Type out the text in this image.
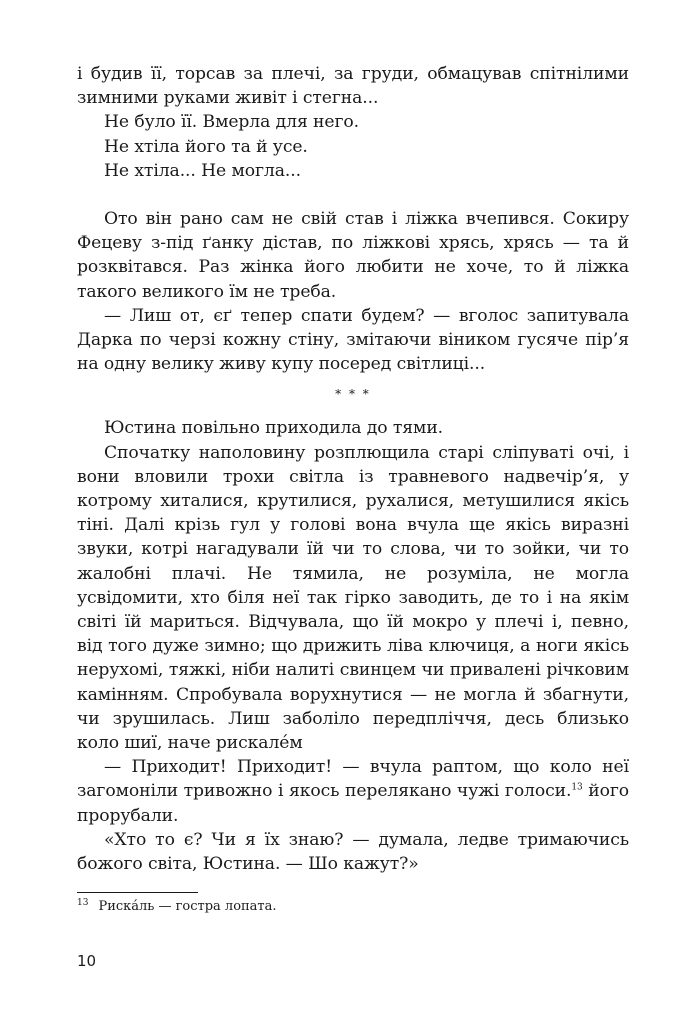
і будив її, торсав за плечі, за груди, обмацував спітнілими зимними руками живіт і стегна...

Не було її. Вмерла для него.

Не хтіла його та й усе.

Не хтіла... Не могла...

Ото він рано сам не свій став і ліжка вчепився. Сокиру Фецеву з-під ґанку дістав, по ліжкові хрясь, хрясь — та й розквітався. Раз жінка його любити не хоче, то й ліжка такого великого їм не треба.

— Лиш от, єґ тепер спати будем? — вголос запитувала Дарка по черзі кожну стіну, змітаючи віником гусяче пір’я на одну велику живу купу посеред світлиці...

* * *

Юстина повільно приходила до тями.

Спочатку наполовину розплющила старі сліпуваті очі, і вони вловили трохи світла із травневого надвечір’я, у котрому хиталися, крутилися, рухалися, метушилися якісь тіні. Далі крізь гул у голові вона вчула ще якісь виразні звуки, котрі нагадували їй чи то слова, чи то зойки, чи то жалобні плачі. Не тямила, не розуміла, не могла усвідомити, хто біля неї так гірко заводить, де то і на якім світі їй мариться. Відчувала, що їй мокро у плечі і, певно, від того дуже зимно; що дрижить ліва ключиця, а ноги якісь нерухомі, тяжкі, ніби налиті свинцем чи привалені річковим камінням. Спробувала ворухнутися — не могла й збагнути, чи зрушилась. Лиш заболіло передпліччя, десь близько коло шиї, наче рискалéм

— Приходит! Приходит! — вчула раптом, що коло неї загомоніли тривожно і якось перелякано чужі голоси.$^{13}$ його прорубали.

«Хто то є? Чи я їх знаю? — думала, ледве тримаючись божого світа, Юстина. — Шо кажут?»

$^{13}$ Рискáль — гостра лопата.
10
